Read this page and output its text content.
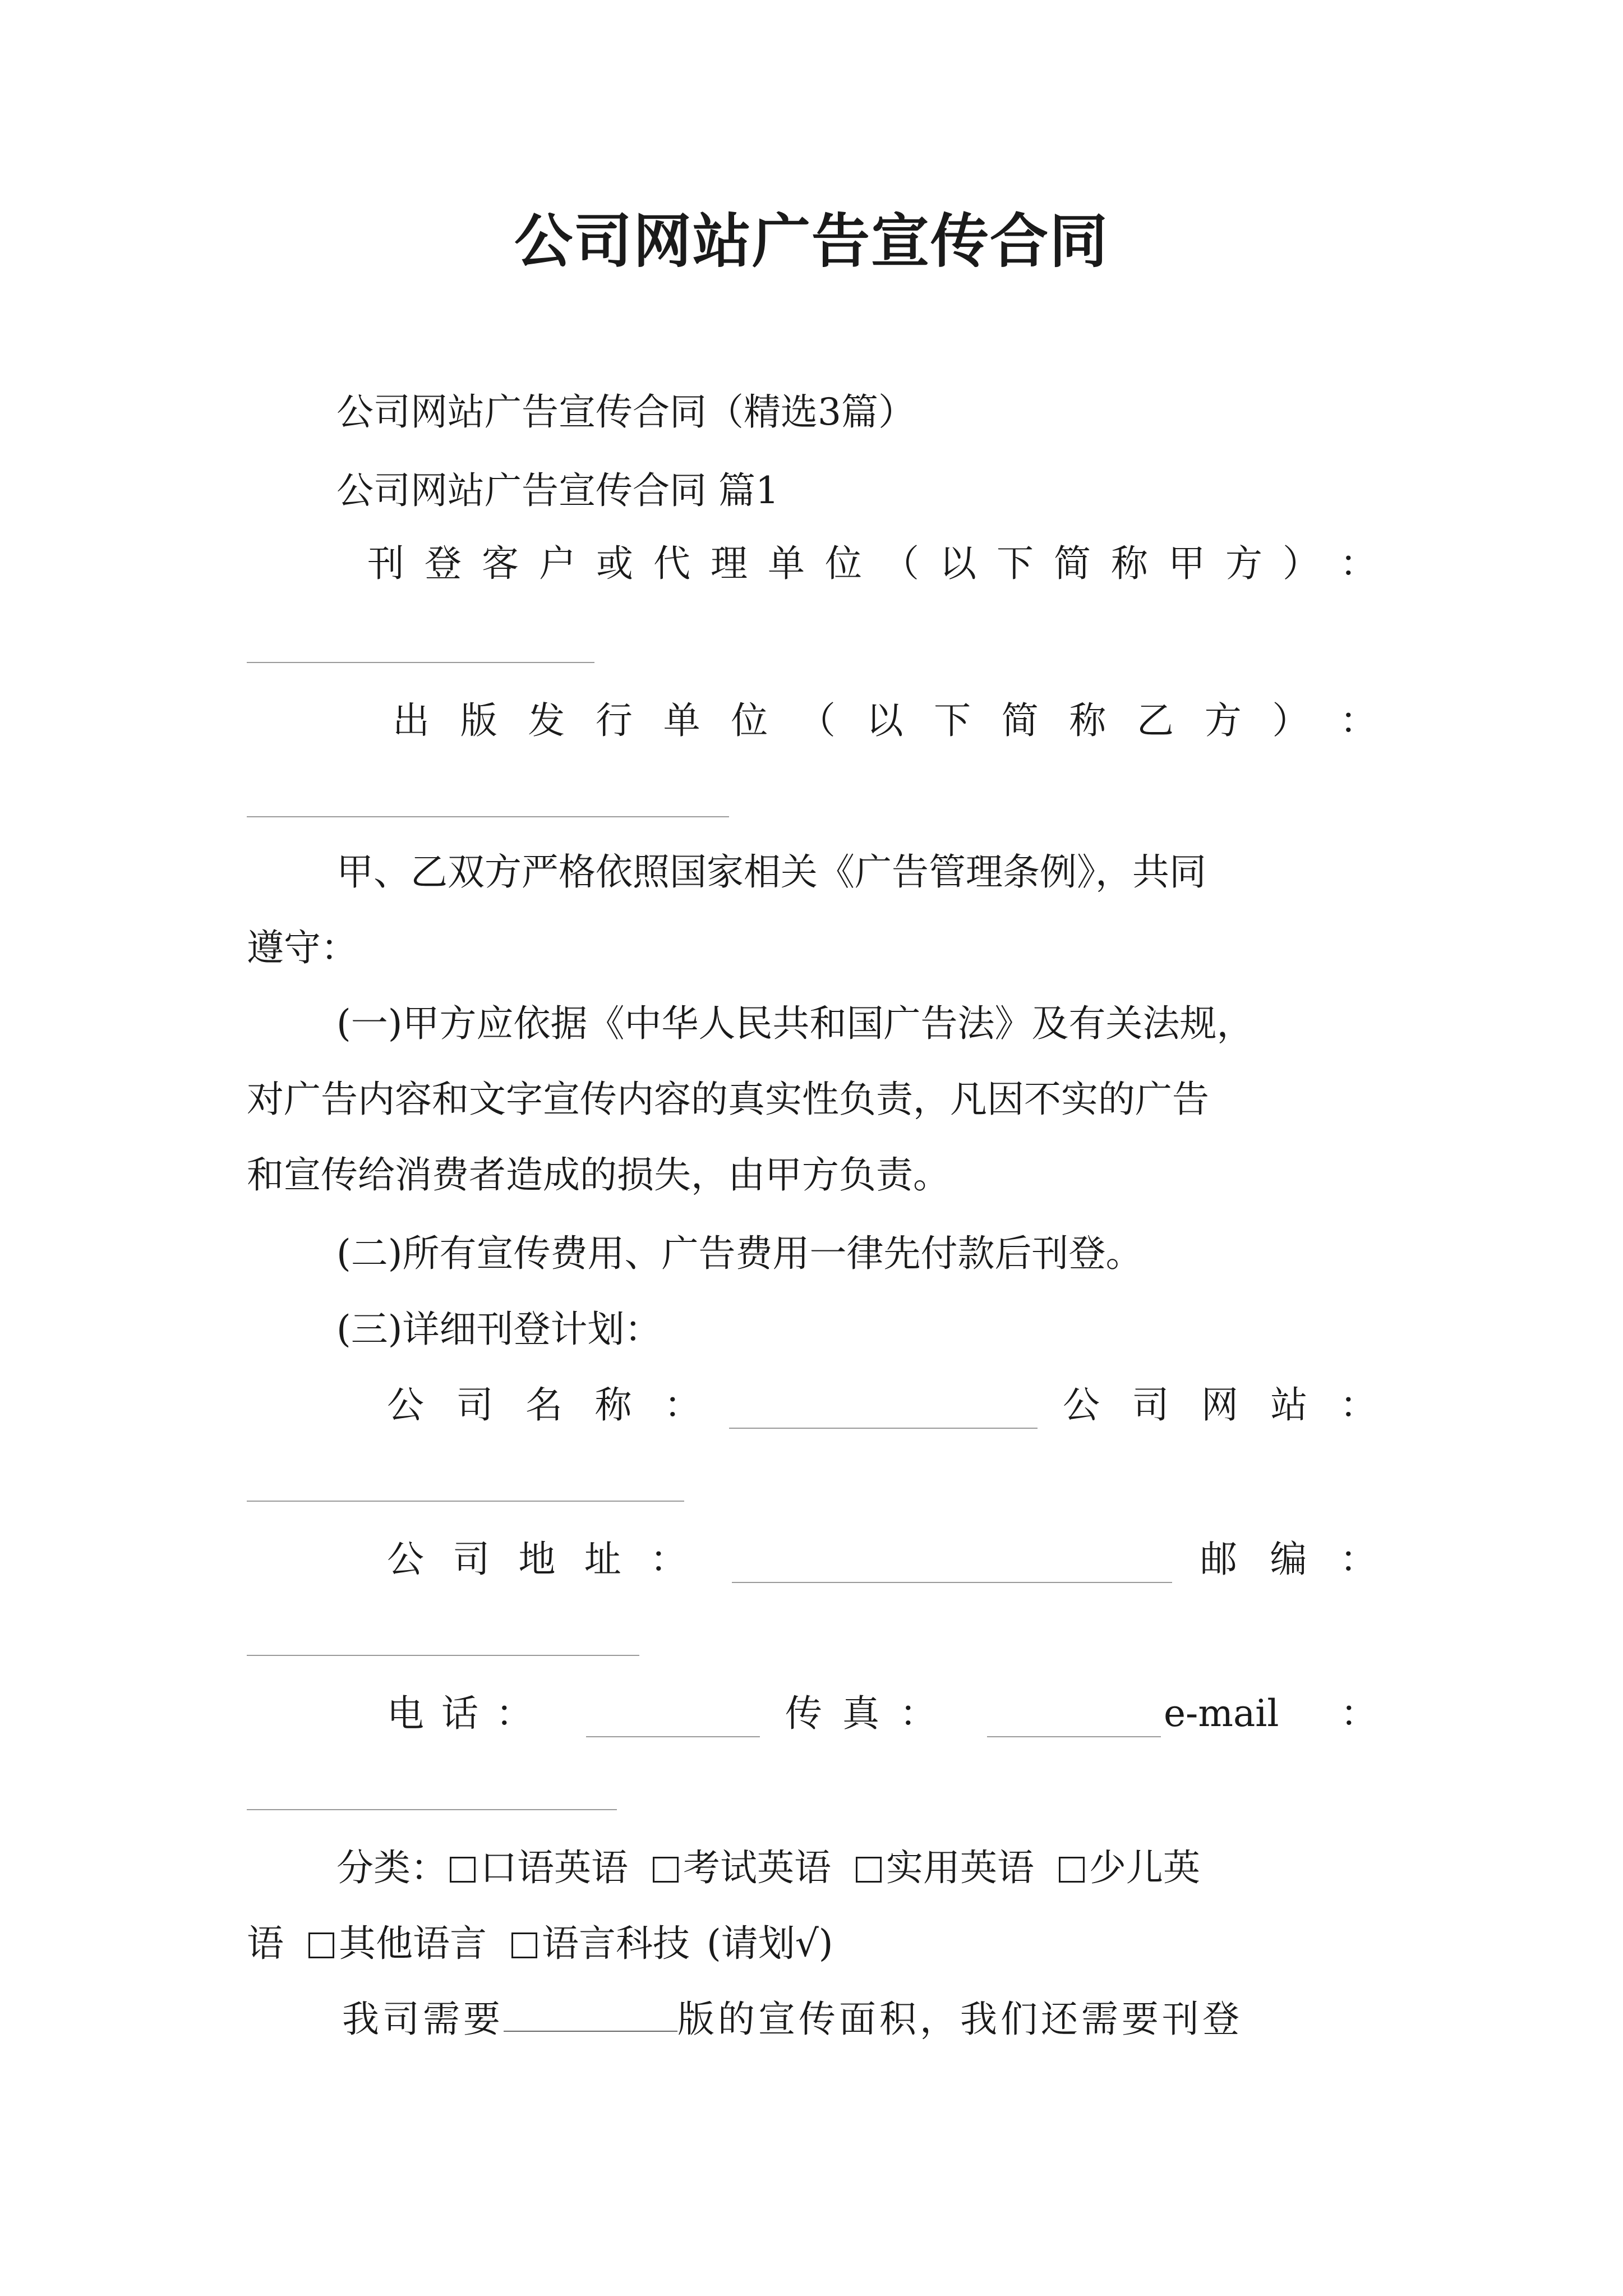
公司网站广告宣传合同
公司网站广告宣传合同（精选3篇）
公司网站广告宣传合同 篇1
刊 登 客 户 或 代 理 单 位 （ 以 下 简 称 甲 方 ） ：
出 版 发 行 单 位 （ 以 下 简 称 乙 方 ） ：
甲、乙双方严格依照国家相关《广告管理条例》，共同
遵守：
(一)甲方应依据《中华人民共和国广告法》及有关法规，
对广告内容和文字宣传内容的真实性负责，凡因不实的广告
和宣传给消费者造成的损失，由甲方负责。
(二)所有宣传费用、广告费用一律先付款后刊登。
(三)详细刊登计划：
公 司 名 称 ：	公 司 网 站 ：
公 司 地 址 ：	邮 编 ：
电 话 ：	传 真 ：	e-mail ：
分类： 口语英语 考试英语 实用英语 少儿英
语 其他语言 语言科技 (请划√)
我司需要	版的宣传面积，我们还需要刊登
